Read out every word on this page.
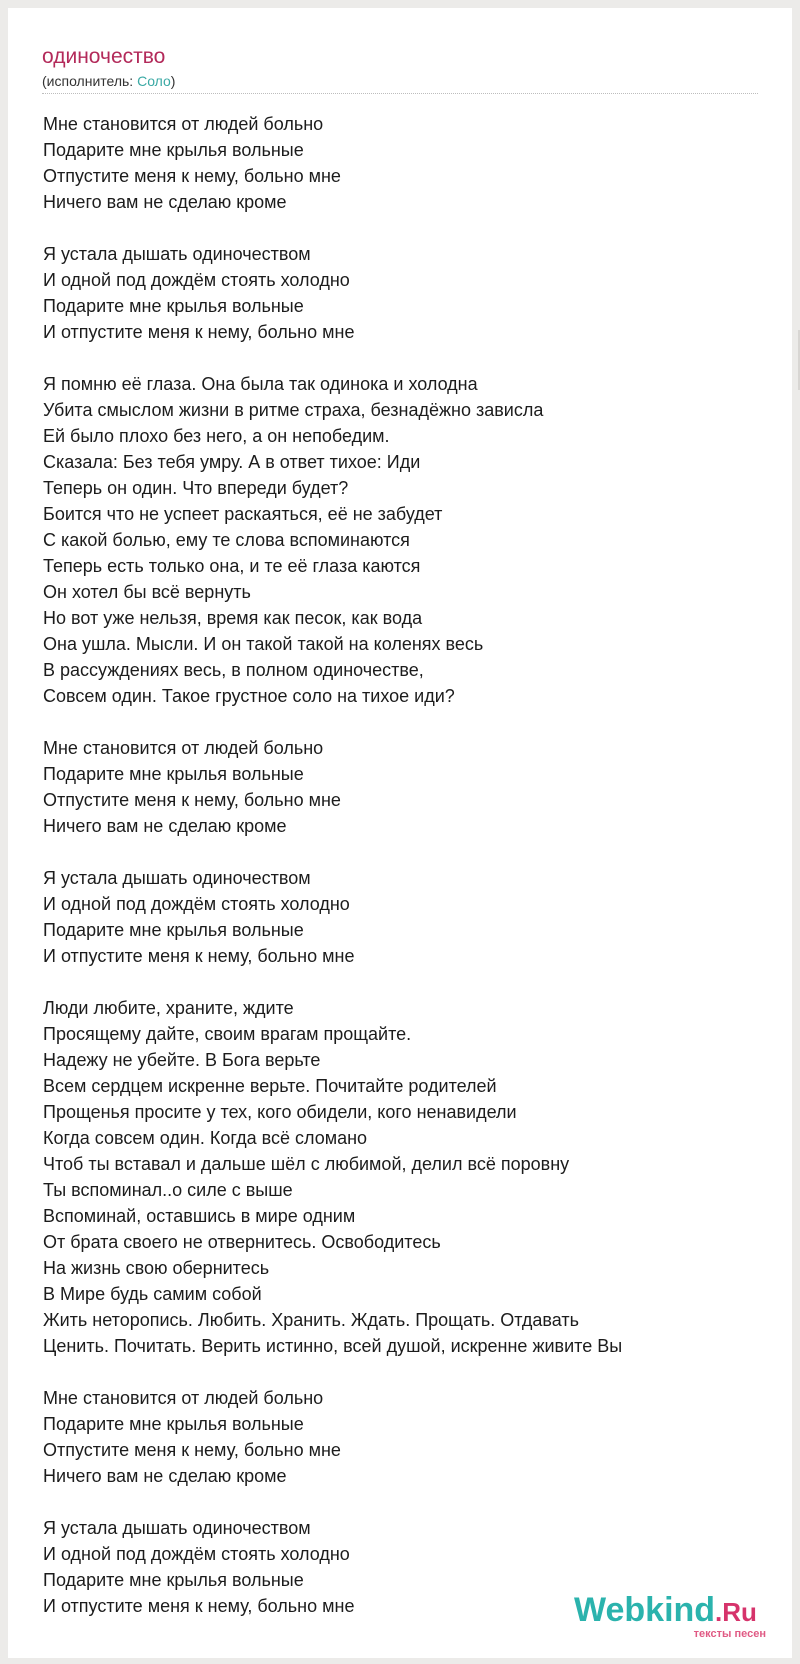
одиночество
(исполнитель: Соло)
Мне становится от людей больно
Подарите мне крылья вольные
Отпустите меня к нему, больно мне
Ничего вам не сделаю кроме
Я устала дышать одиночеством
И одной под дождём стоять холодно
Подарите мне крылья вольные
И отпустите меня к нему, больно мне
Я помню её глаза. Она была так одинока и холодна
Убита смыслом жизни в ритме страха, безнадёжно зависла
Ей было плохо без него, а он непобедим.
Сказала: Без тебя умру. А в ответ тихое: Иди
Теперь он один. Что впереди будет?
Боится что не успеет раскаяться, её не забудет
С какой болью, ему те слова вспоминаются
Теперь есть только она, и те её глаза каются
Он хотел бы всё вернуть
Но вот уже нельзя, время как песок, как вода
Она ушла. Мысли. И он такой такой на коленях весь
В рассуждениях весь, в полном одиночестве,
Совсем один. Такое грустное соло на тихое иди?
Мне становится от людей больно
Подарите мне крылья вольные
Отпустите меня к нему, больно мне
Ничего вам не сделаю кроме
Я устала дышать одиночеством
И одной под дождём стоять холодно
Подарите мне крылья вольные
И отпустите меня к нему, больно мне
Люди любите, храните, ждите
Просящему дайте, своим врагам прощайте.
Надежу не убейте. В Бога верьте
Всем сердцем искренне верьте. Почитайте родителей
Прощенья просите у тех, кого обидели, кого ненавидели
Когда совсем один. Когда всё сломано
Чтоб ты вставал и дальше шёл с любимой, делил всё поровну
Ты вспоминал..о силе с выше
Вспоминай, оставшись в мире одним
От брата своего не отвернитесь. Освободитесь
На жизнь свою обернитесь
В Мире будь самим собой
Жить неторопись. Любить. Хранить. Ждать. Прощать. Отдавать
Ценить. Почитать. Верить истинно, всей душой, искренне живите Вы
Мне становится от людей больно
Подарите мне крылья вольные
Отпустите меня к нему, больно мне
Ничего вам не сделаю кроме
Я устала дышать одиночеством
И одной под дождём стоять холодно
Подарите мне крылья вольные
И отпустите меня к нему, больно мне	Webkind.Ru
тексты песен
